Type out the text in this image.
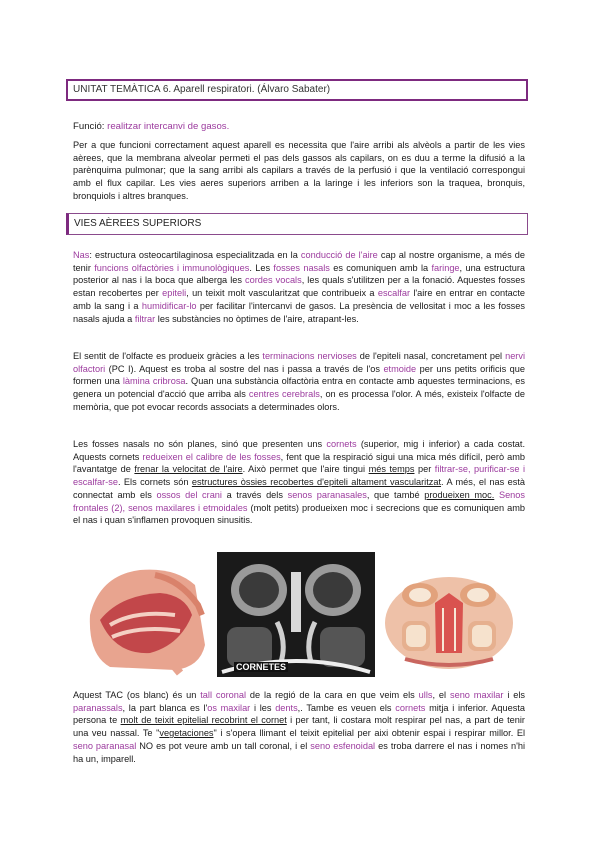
UNITAT TEMÀTICA 6. Aparell respiratori. (Álvaro Sabater)

Funció: realitzar intercanvi de gasos.

Per a que funcioni correctament aquest aparell es necessita que l'aire arribi als alvèols a partir de les vies aèrees, que la membrana alveolar permeti el pas dels gassos als capilars, on es duu a terme la difusió a la parènquima pulmonar; que la sang arribi als capilars a través de la perfusió i que la ventilació correspongui amb el flux capilar. Les vies aeres superiors arriben a la laringe i les inferiors son la traquea, bronquis, bronquiols i altres branques.

VIES AÈREES SUPERIORS

Nas: estructura osteocartilaginosa especialitzada en la conducció de l'aire cap al nostre organisme, a més de tenir funcions olfactòries i immunològiques. Les fosses nasals es comuniquen amb la faringe, una estructura posterior al nas i la boca que alberga les cordes vocals, les quals s'utilitzen per a la fonació. Aquestes fosses estan recobertes per epiteli, un teixit molt vascularitzat que contribueix a escalfar l'aire en entrar en contacte amb la sang i a humidificar-lo per facilitar l'intercanvi de gasos. La presència de vellositat i moc a les fosses nasals ajuda a filtrar les substàncies no òptimes de l'aire, atrapant-les.

El sentit de l'olfacte es produeix gràcies a les terminacions nervioses de l'epiteli nasal, concretament pel nervi olfactori (PC I). Aquest es troba al sostre del nas i passa a través de l'os etmoide per uns petits orificis que formen una làmina cribrosa. Quan una substància olfactòria entra en contacte amb aquestes terminacions, es genera un potencial d'acció que arriba als centres cerebrals, on es processa l'olor. A més, existeix l'olfacte de memòria, que pot evocar records associats a determinades olors.

Les fosses nasals no són planes, sinó que presenten uns cornets (superior, mig i inferior) a cada costat. Aquests cornets redueixen el calibre de les fosses, fent que la respiració sigui una mica més difícil, però amb l'avantatge de frenar la velocitat de l'aire. Això permet que l'aire tingui més temps per filtrar-se, purificar-se i escalfar-se. Els cornets són estructures òssies recobertes d'epiteli altament vascularitzat. A més, el nas està connectat amb els ossos del crani a través dels senos paranasales, que també produeixen moc. Senos frontales (2), senos maxilares i etmoidales (molt petits) produeixen moc i secrecions que es comuniquen amb el nas i quan s'inflamen provoquen sinusitis.

CORNETES

Aquest TAC (os blanc) és un tall coronal de la regió de la cara en que veim els ulls, el seno maxilar i els paranassals, la part blanca es l'os maxilar i les dents,. Tambe es veuen els cornets mitja i inferior. Aquesta persona te molt de teixit epitelial recobrint el cornet i per tant, li costara molt respirar pel nas, a part de tenir una veu nassal. Te "vegetaciones" i s'opera llimant el teixit epitelial per aixi obtenir espai i respirar millor. El seno paranasal NO es pot veure amb un tall coronal, i el seno esfenoidal es troba darrere el nas i nomes n'hi ha un, imparell.
